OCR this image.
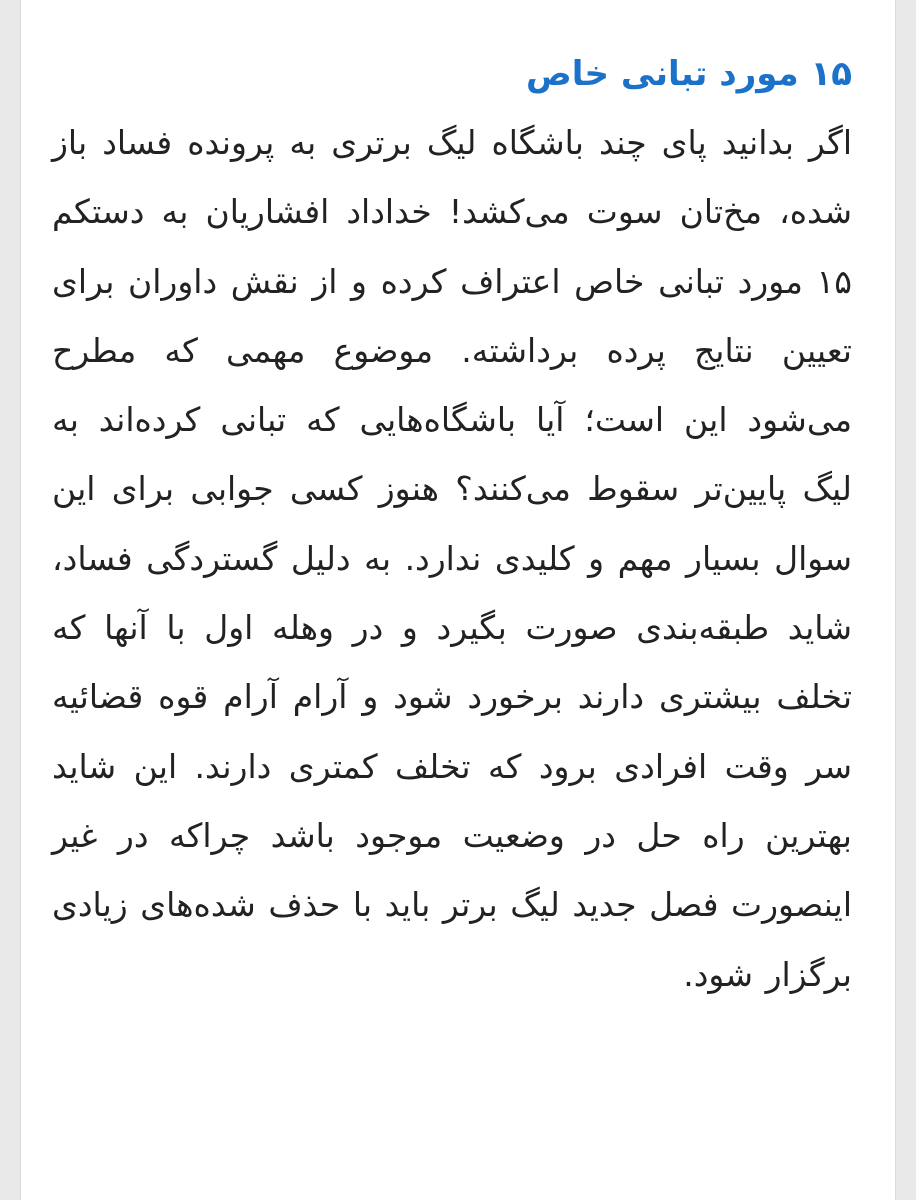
۱۵ مورد تبانی خاص

اگر بدانید پای چند باشگاه لیگ برتری به پرونده فساد باز شده، مخ‌تان سوت می‌کشد! خداداد افشاریان به دستکم ۱۵ مورد تبانی خاص اعتراف کرده و از نقش داوران برای تعیین نتایج پرده برداشته. موضوع مهمی که مطرح می‌شود این است؛ آیا باشگاه‌هایی که تبانی کرده‌اند به لیگ پایین‌تر سقوط می‌کنند؟ هنوز کسی جوابی برای این سوال بسیار مهم و کلیدی ندارد. به دلیل گستردگی فساد، شاید طبقه‌بندی صورت بگیرد و در وهله اول با آنها که تخلف بیشتری دارند برخورد شود و آرام آرام قوه قضائیه سر وقت افرادی برود که تخلف کمتری دارند. این شاید بهترین راه حل در وضعیت موجود باشد چراکه در غیر اینصورت فصل جدید لیگ برتر باید با حذف شده‌های زیادی برگزار شود.
